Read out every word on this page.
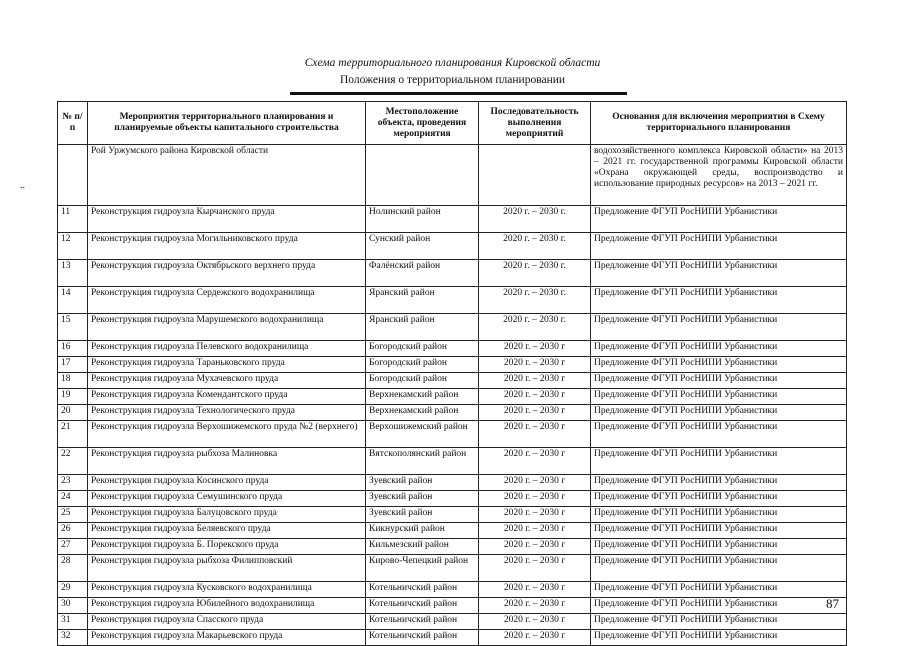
Схема территориального планирования Кировской области
Положения о территориальном планировании
..
№ п/п	Мероприятия территориального планирования и планируемые объекты капитального строительства	Местоположение объекта, проведения мероприятия	Последовательность выполнения мероприятий	Основания для включения мероприятия в Схему территориального планирования
	Рой Уржумского района Кировской области			водохозяйственного комплекса Кировской области» на 2013 – 2021 гг. государственной программы Кировской области «Охрана окружающей среды, воспроизводство и использование природных ресурсов» на 2013 – 2021 гг.
11	Реконструкция гидроузла Кырчанского пруда	Нолинский район	2020 г. – 2030 г.	Предложение ФГУП РосНИПИ Урбанистики
12	Реконструкция гидроузла Могильниковского пруда	Сунский район	2020 г. – 2030 г.	Предложение ФГУП РосНИПИ Урбанистики
13	Реконструкция гидроузла Октябрьского верхнего пруда	Фалёнский район	2020 г. – 2030 г.	Предложение ФГУП РосНИПИ Урбанистики
14	Реконструкция гидроузла Сердежского водохранилища	Яранский район	2020 г. – 2030 г.	Предложение ФГУП РосНИПИ Урбанистики
15	Реконструкция гидроузла Марушемского водохранилища	Яранский район	2020 г. – 2030 г.	Предложение ФГУП РосНИПИ Урбанистики
16	Реконструкция гидроузла Пелевского водохранилища	Богородский район	2020 г. – 2030 г	Предложение ФГУП РосНИПИ Урбанистики
17	Реконструкция гидроузла Тараньковского пруда	Богородский район	2020 г. – 2030 г	Предложение ФГУП РосНИПИ Урбанистики
18	Реконструкция гидроузла Мухачевского пруда	Богородский район	2020 г. – 2030 г	Предложение ФГУП РосНИПИ Урбанистики
19	Реконструкция гидроузла Комендантского пруда	Верхнекамский район	2020 г. – 2030 г	Предложение ФГУП РосНИПИ Урбанистики
20	Реконструкция гидроузла Технологического пруда	Верхнекамский район	2020 г. – 2030 г	Предложение ФГУП РосНИПИ Урбанистики
21	Реконструкция гидроузла Верхошижемского пруда №2 (верхнего)	Верхошижемский район	2020 г. – 2030 г	Предложение ФГУП РосНИПИ Урбанистики
22	Реконструкция гидроузла рыбхоза Малиновка	Вятскополянский район	2020 г. – 2030 г	Предложение ФГУП РосНИПИ Урбанистики
23	Реконструкция гидроузла Косинского пруда	Зуевский район	2020 г. – 2030 г	Предложение ФГУП РосНИПИ Урбанистики
24	Реконструкция гидроузла Семушинского пруда	Зуевский район	2020 г. – 2030 г	Предложение ФГУП РосНИПИ Урбанистики
25	Реконструкция гидроузла Балуцовского пруда	Зуевский район	2020 г. – 2030 г	Предложение ФГУП РосНИПИ Урбанистики
26	Реконструкция гидроузла Беляевского пруда	Кикнурский район	2020 г. – 2030 г	Предложение ФГУП РосНИПИ Урбанистики
27	Реконструкция гидроузла Б. Порекского пруда	Кильмезский район	2020 г. – 2030 г	Предложение ФГУП РосНИПИ Урбанистики
28	Реконструкция гидроузла рыбхоза Филипповский	Кирово-Чепецкий район	2020 г. – 2030 г	Предложение ФГУП РосНИПИ Урбанистики
29	Реконструкция гидроузла Кусковского водохранилища	Котельничский район	2020 г. – 2030 г	Предложение ФГУП РосНИПИ Урбанистики
30	Реконструкция гидроузла Юбилейного водохранилища	Котельничский район	2020 г. – 2030 г	Предложение ФГУП РосНИПИ Урбанистики
31	Реконструкция гидроузла Спасского пруда	Котельничский район	2020 г. – 2030 г	Предложение ФГУП РосНИПИ Урбанистики
32	Реконструкция гидроузла Макарьевского пруда	Котельничский район	2020 г. – 2030 г	Предложение ФГУП РосНИПИ Урбанистики
87
